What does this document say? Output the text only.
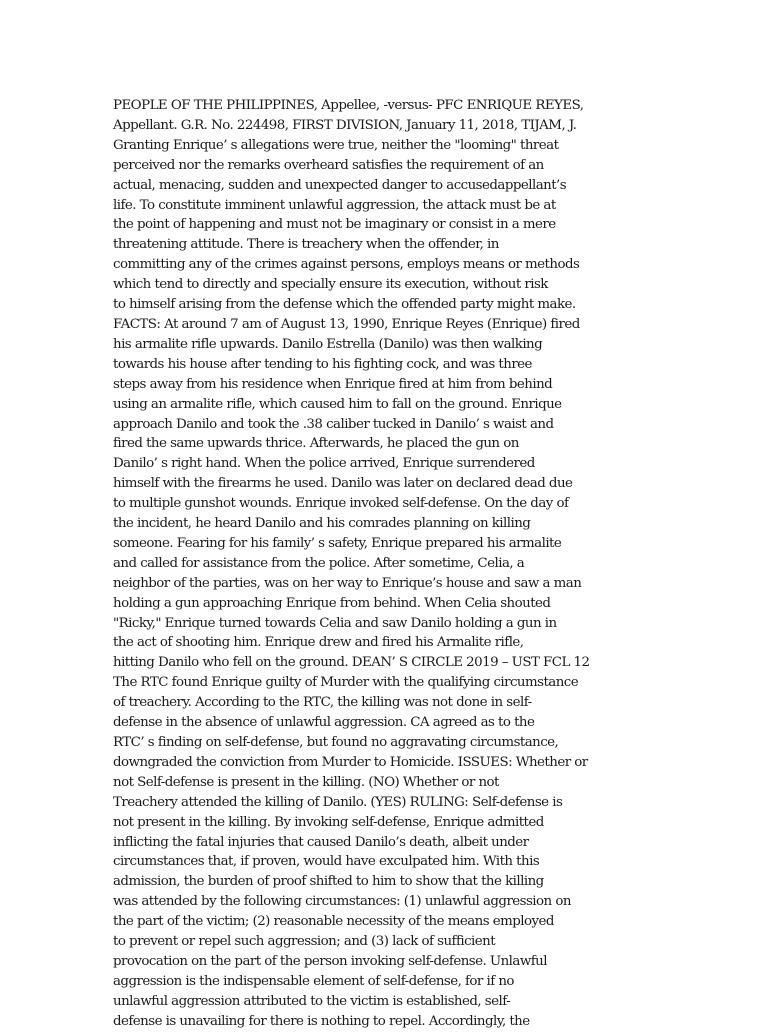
PEOPLE OF THE PHILIPPINES, Appellee, -versus- PFC ENRIQUE REYES,
Appellant. G.R. No. 224498, FIRST DIVISION, January 11, 2018, TIJAM, J.
Granting Enrique’ s allegations were true, neither the "looming" threat
perceived nor the remarks overheard satisfies the requirement of an
actual, menacing, sudden and unexpected danger to accusedappellant’s
life. To constitute imminent unlawful aggression, the attack must be at
the point of happening and must not be imaginary or consist in a mere
threatening attitude. There is treachery when the offender, in
committing any of the crimes against persons, employs means or methods
which tend to directly and specially ensure its execution, without risk
to himself arising from the defense which the offended party might make.
FACTS: At around 7 am of August 13, 1990, Enrique Reyes (Enrique) fired
his armalite rifle upwards. Danilo Estrella (Danilo) was then walking
towards his house after tending to his fighting cock, and was three
steps away from his residence when Enrique fired at him from behind
using an armalite rifle, which caused him to fall on the ground. Enrique
approach Danilo and took the .38 caliber tucked in Danilo’ s waist and
fired the same upwards thrice. Afterwards, he placed the gun on
Danilo’ s right hand. When the police arrived, Enrique surrendered
himself with the firearms he used. Danilo was later on declared dead due
to multiple gunshot wounds. Enrique invoked self-defense. On the day of
the incident, he heard Danilo and his comrades planning on killing
someone. Fearing for his family’ s safety, Enrique prepared his armalite
and called for assistance from the police. After sometime, Celia, a
neighbor of the parties, was on her way to Enrique’s house and saw a man
holding a gun approaching Enrique from behind. When Celia shouted
"Ricky," Enrique turned towards Celia and saw Danilo holding a gun in
the act of shooting him. Enrique drew and fired his Armalite rifle,
hitting Danilo who fell on the ground. DEAN’ S CIRCLE 2019 – UST FCL 12
The RTC found Enrique guilty of Murder with the qualifying circumstance
of treachery. According to the RTC, the killing was not done in self-
defense in the absence of unlawful aggression. CA agreed as to the
RTC’ s finding on self-defense, but found no aggravating circumstance,
downgraded the conviction from Murder to Homicide. ISSUES: Whether or
not Self-defense is present in the killing. (NO) Whether or not
Treachery attended the killing of Danilo. (YES) RULING: Self-defense is
not present in the killing. By invoking self-defense, Enrique admitted
inflicting the fatal injuries that caused Danilo’s death, albeit under
circumstances that, if proven, would have exculpated him. With this
admission, the burden of proof shifted to him to show that the killing
was attended by the following circumstances: (1) unlawful aggression on
the part of the victim; (2) reasonable necessity of the means employed
to prevent or repel such aggression; and (3) lack of sufficient
provocation on the part of the person invoking self-defense. Unlawful
aggression is the indispensable element of self-defense, for if no
unlawful aggression attributed to the victim is established, self-
defense is unavailing for there is nothing to repel. Accordingly, the
